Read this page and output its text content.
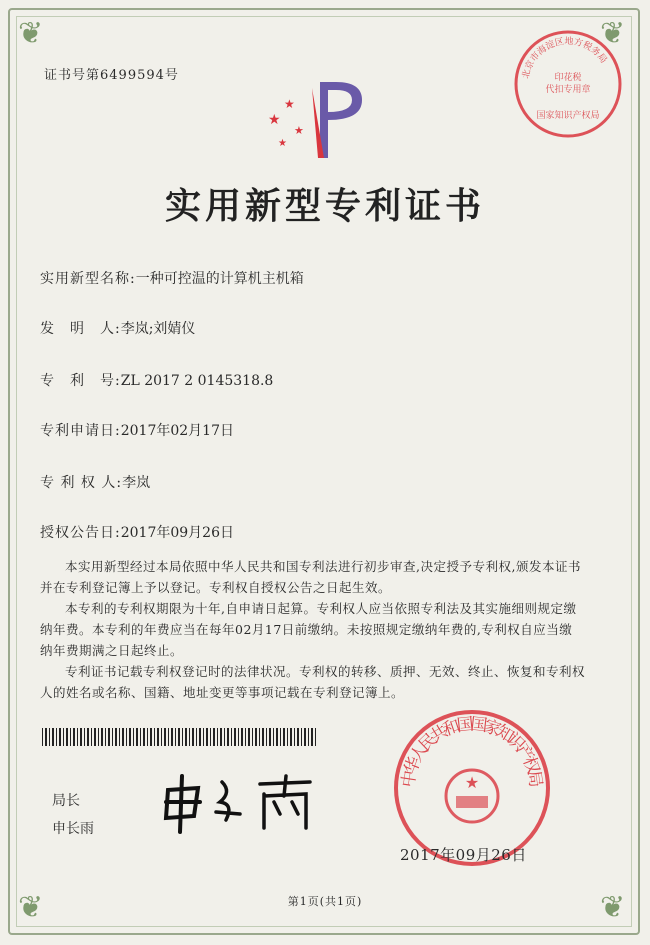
❦	❦
❦	❦
证书号第6499594号	北京市海淀区地方税务局
印花税
代扣专用章
国家知识产权局
★
★
★
★
实用新型专利证书
实用新型名称:一种可控温的计算机主机箱
发　明　人:李岚;刘婧仪
专　利　号:ZL 2017 2 0145318.8
专利申请日:2017年02月17日
专 利 权 人:李岚
授权公告日:2017年09月26日
本实用新型经过本局依照中华人民共和国专利法进行初步审查,决定授予专利权,颁发本证书并在专利登记簿上予以登记。专利权自授权公告之日起生效。
本专利的专利权期限为十年,自申请日起算。专利权人应当依照专利法及其实施细则规定缴纳年费。本专利的年费应当在每年02月17日前缴纳。未按照规定缴纳年费的,专利权自应当缴纳年费期满之日起终止。
专利证书记载专利权登记时的法律状况。专利权的转移、质押、无效、终止、恢复和专利权人的姓名或名称、国籍、地址变更等事项记载在专利登记簿上。
局长
申长雨
中华人民共和国国家知识产权局
★
2017年09月26日
第1页(共1页)
